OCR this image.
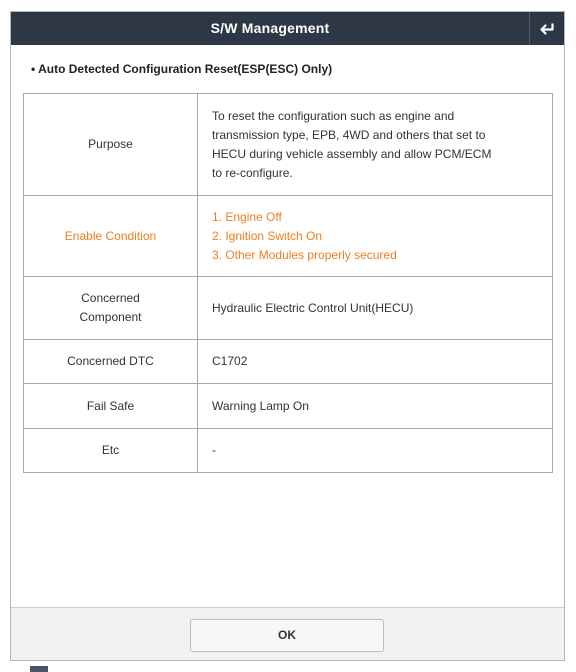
S/W Management
• Auto Detected Configuration Reset(ESP(ESC) Only)
Purpose	To reset the configuration such as engine and
transmission type, EPB, 4WD and others that set to
HECU during vehicle assembly and allow PCM/ECM
to re-configure.

Enable Condition	1. Engine Off
2. Ignition Switch On
3. Other Modules properly secured

Concerned
Component	Hydraulic Electric Control Unit(HECU)

Concerned DTC	C1702

Fail Safe	Warning Lamp On

Etc	-
OK
